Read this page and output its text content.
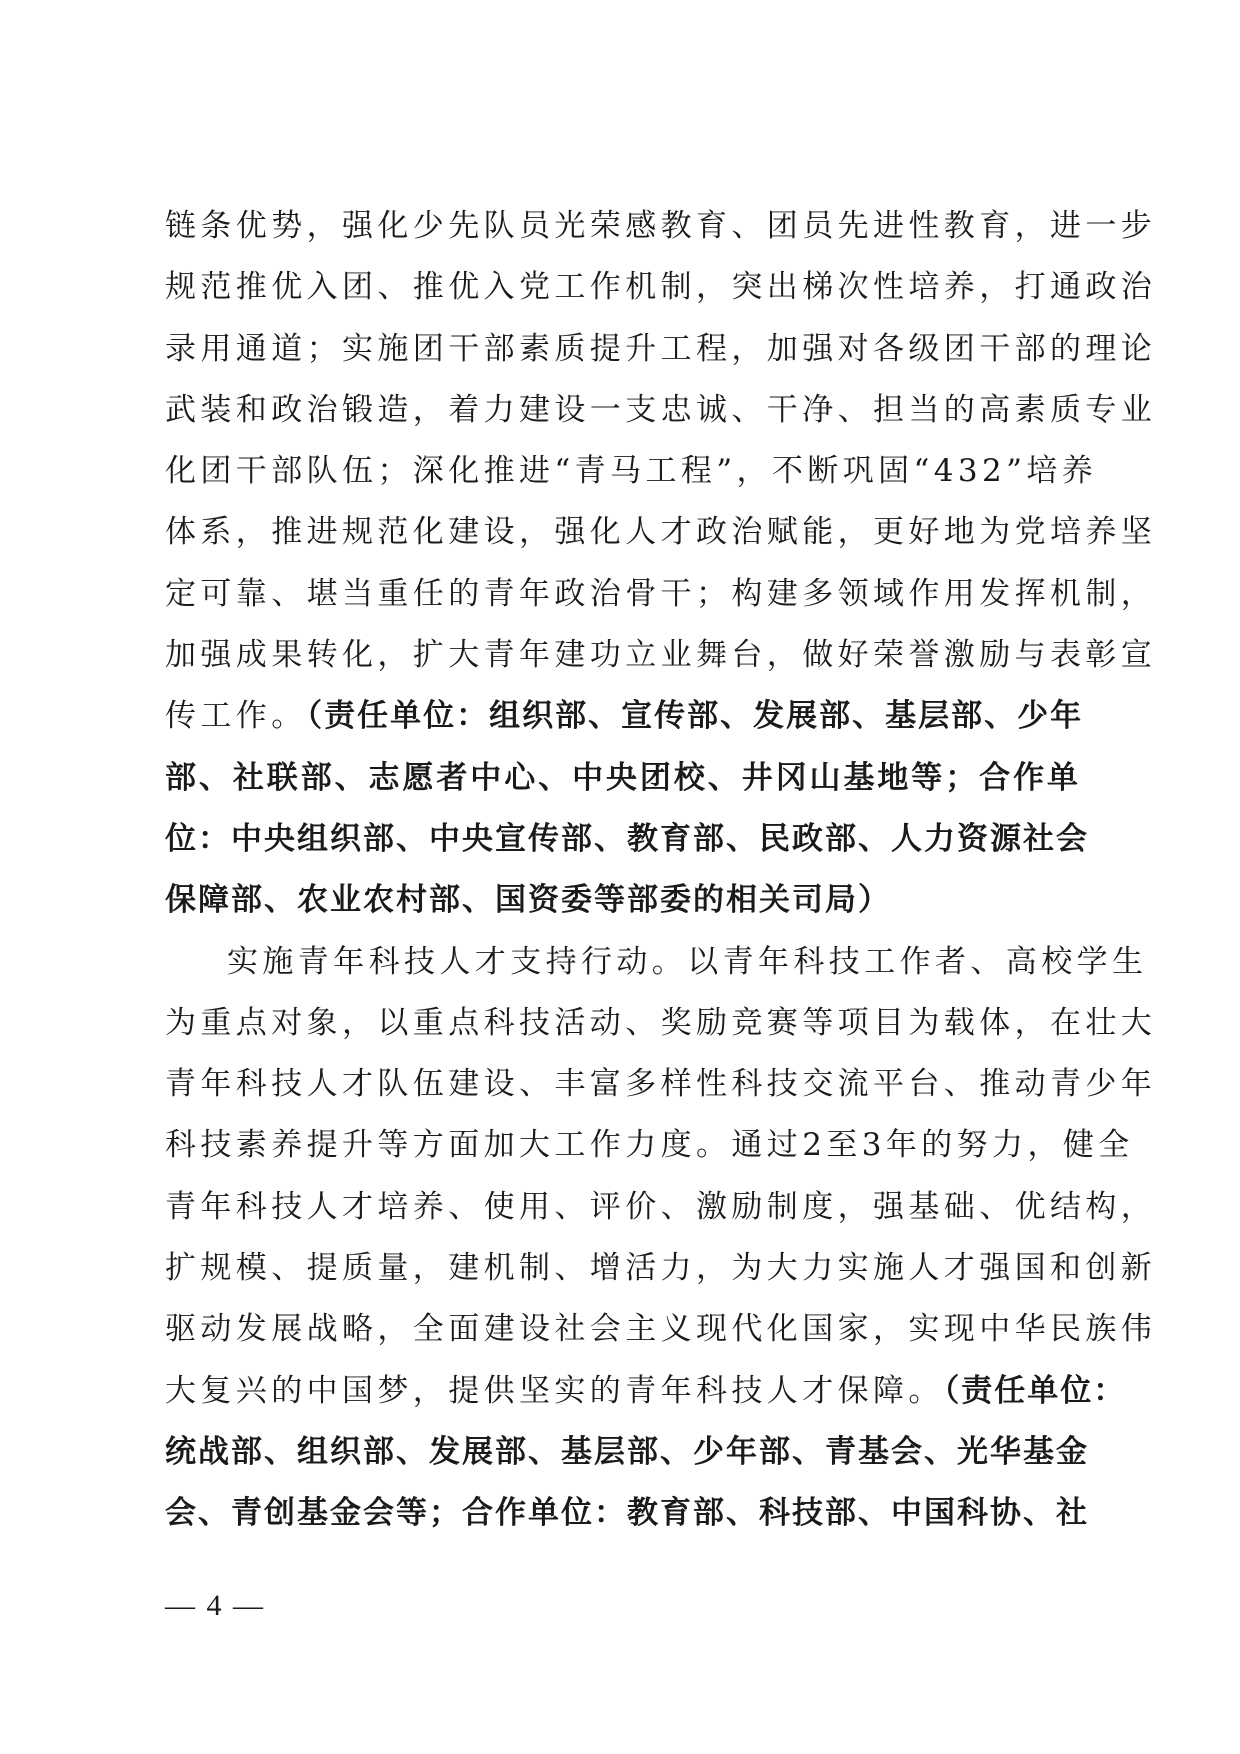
链条优势，强化少先队员光荣感教育、团员先进性教育，进一步
规范推优入团、推优入党工作机制，突出梯次性培养，打通政治
录用通道；实施团干部素质提升工程，加强对各级团干部的理论
武装和政治锻造，着力建设一支忠诚、干净、担当的高素质专业
化团干部队伍；深化推进“青马工程”，不断巩固“432”培养
体系，推进规范化建设，强化人才政治赋能，更好地为党培养坚
定可靠、堪当重任的青年政治骨干；构建多领域作用发挥机制，
加强成果转化，扩大青年建功立业舞台，做好荣誉激励与表彰宣
传工作。（责任单位：组织部、宣传部、发展部、基层部、少年
部、社联部、志愿者中心、中央团校、井冈山基地等；合作单
位：中央组织部、中央宣传部、教育部、民政部、人力资源社会
保障部、农业农村部、国资委等部委的相关司局）
实施青年科技人才支持行动。以青年科技工作者、高校学生
为重点对象，以重点科技活动、奖励竞赛等项目为载体，在壮大
青年科技人才队伍建设、丰富多样性科技交流平台、推动青少年
科技素养提升等方面加大工作力度。通过2至3年的努力，健全
青年科技人才培养、使用、评价、激励制度，强基础、优结构，
扩规模、提质量，建机制、增活力，为大力实施人才强国和创新
驱动发展战略，全面建设社会主义现代化国家，实现中华民族伟
大复兴的中国梦，提供坚实的青年科技人才保障。（责任单位：
统战部、组织部、发展部、基层部、少年部、青基会、光华基金
会、青创基金会等；合作单位：教育部、科技部、中国科协、社
— 4 —
